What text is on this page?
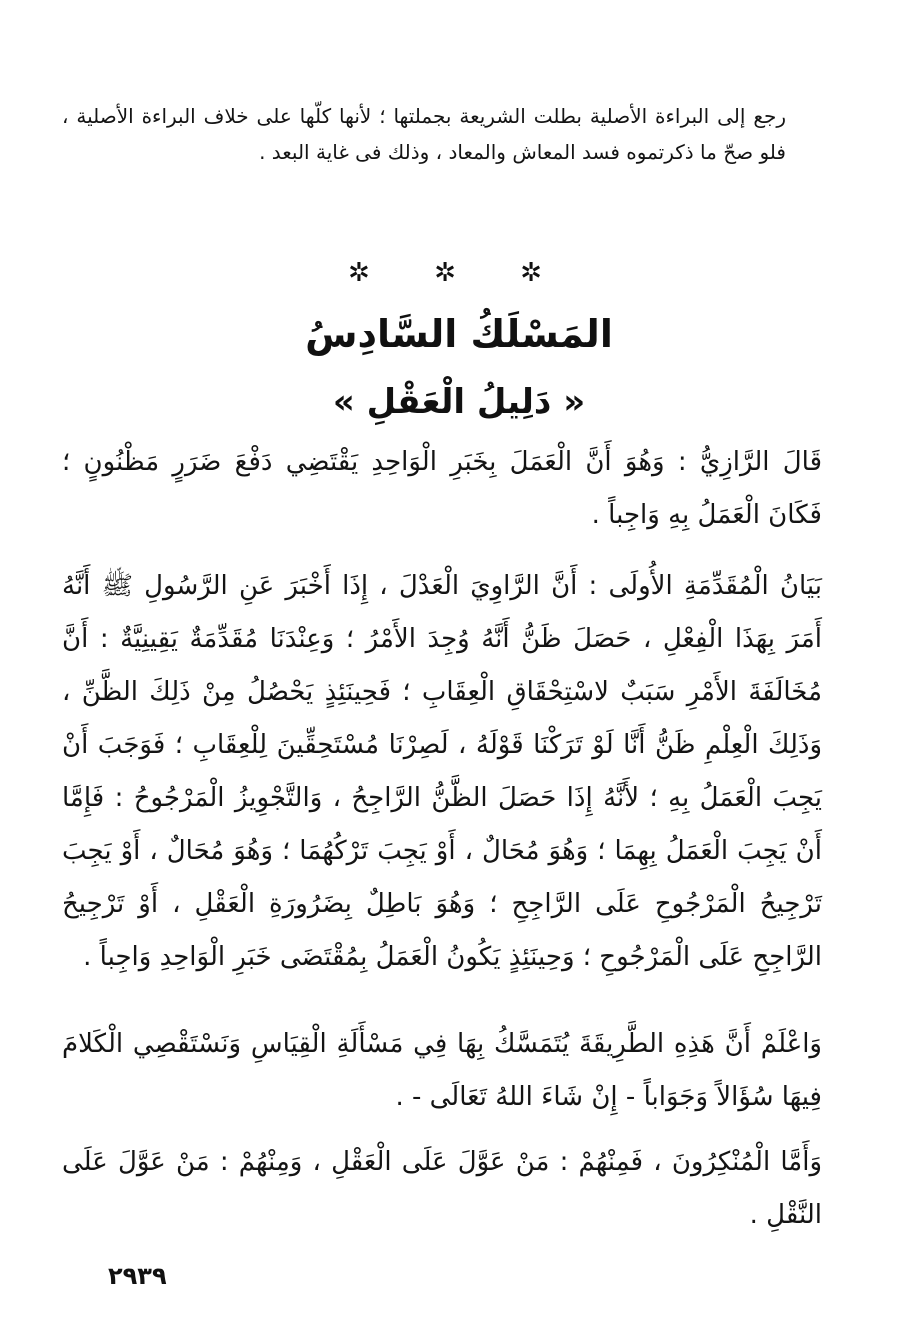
رجع إلى البراءة الأصلية بطلت الشريعة بجملتها ؛ لأنها كلّها على خلاف البراءة الأصلية ، فلو صحّ ما ذكرتموه فسد المعاش والمعاد ، وذلك فى غاية البعد .
✲ ✲ ✲
المَسْلَكُ السَّادِسُ
« دَلِيلُ الْعَقْلِ »
قَالَ الرَّازِيُّ : وَهُوَ أَنَّ الْعَمَلَ بِخَبَرِ الْوَاحِدِ يَقْتَضِي دَفْعَ ضَرَرٍ مَظْنُونٍ ؛ فَكَانَ الْعَمَلُ بِهِ وَاجِباً .
بَيَانُ الْمُقَدِّمَةِ الأُولَى : أَنَّ الرَّاوِيَ الْعَدْلَ ، إِذَا أَخْبَرَ عَنِ الرَّسُولِ ﷺ أَنَّهُ أَمَرَ بِهَذَا الْفِعْلِ ، حَصَلَ ظَنُّ أَنَّهُ وُجِدَ الأَمْرُ ؛ وَعِنْدَنَا مُقَدِّمَةٌ يَقِينِيَّةٌ : أَنَّ مُخَالَفَةَ الأَمْرِ سَبَبٌ لاسْتِحْقَاقِ الْعِقَابِ ؛ فَحِينَئِذٍ يَحْصُلُ مِنْ ذَلِكَ الظَّنِّ ، وَذَلِكَ الْعِلْمِ ظَنُّ أَنَّا لَوْ تَرَكْنَا قَوْلَهُ ، لَصِرْنَا مُسْتَحِقِّينَ لِلْعِقَابِ ؛ فَوَجَبَ أَنْ يَجِبَ الْعَمَلُ بِهِ ؛ لأَنَّهُ إِذَا حَصَلَ الظَّنُّ الرَّاجِحُ ، وَالتَّجْوِيزُ الْمَرْجُوحُ : فَإِمَّا أَنْ يَجِبَ الْعَمَلُ بِهِمَا ؛ وَهُوَ مُحَالٌ ، أَوْ يَجِبَ تَرْكُهُمَا ؛ وَهُوَ مُحَالٌ ، أَوْ يَجِبَ تَرْجِيحُ الْمَرْجُوحِ عَلَى الرَّاجِحِ ؛ وَهُوَ بَاطِلٌ بِضَرُورَةِ الْعَقْلِ ، أَوْ تَرْجِيحُ الرَّاجِحِ عَلَى الْمَرْجُوحِ ؛ وَحِينَئِذٍ يَكُونُ الْعَمَلُ بِمُقْتَضَى خَبَرِ الْوَاحِدِ وَاجِباً .
وَاعْلَمْ أَنَّ هَذِهِ الطَّرِيقَةَ يُتَمَسَّكُ بِهَا فِي مَسْأَلَةِ الْقِيَاسِ وَنَسْتَقْصِي الْكَلامَ فِيهَا سُؤَالاً وَجَوَاباً - إِنْ شَاءَ اللهُ تَعَالَى - .
وَأَمَّا الْمُنْكِرُونَ ، فَمِنْهُمْ : مَنْ عَوَّلَ عَلَى الْعَقْلِ ، وَمِنْهُمْ : مَنْ عَوَّلَ عَلَى النَّقْلِ .
٢٩٣٩
